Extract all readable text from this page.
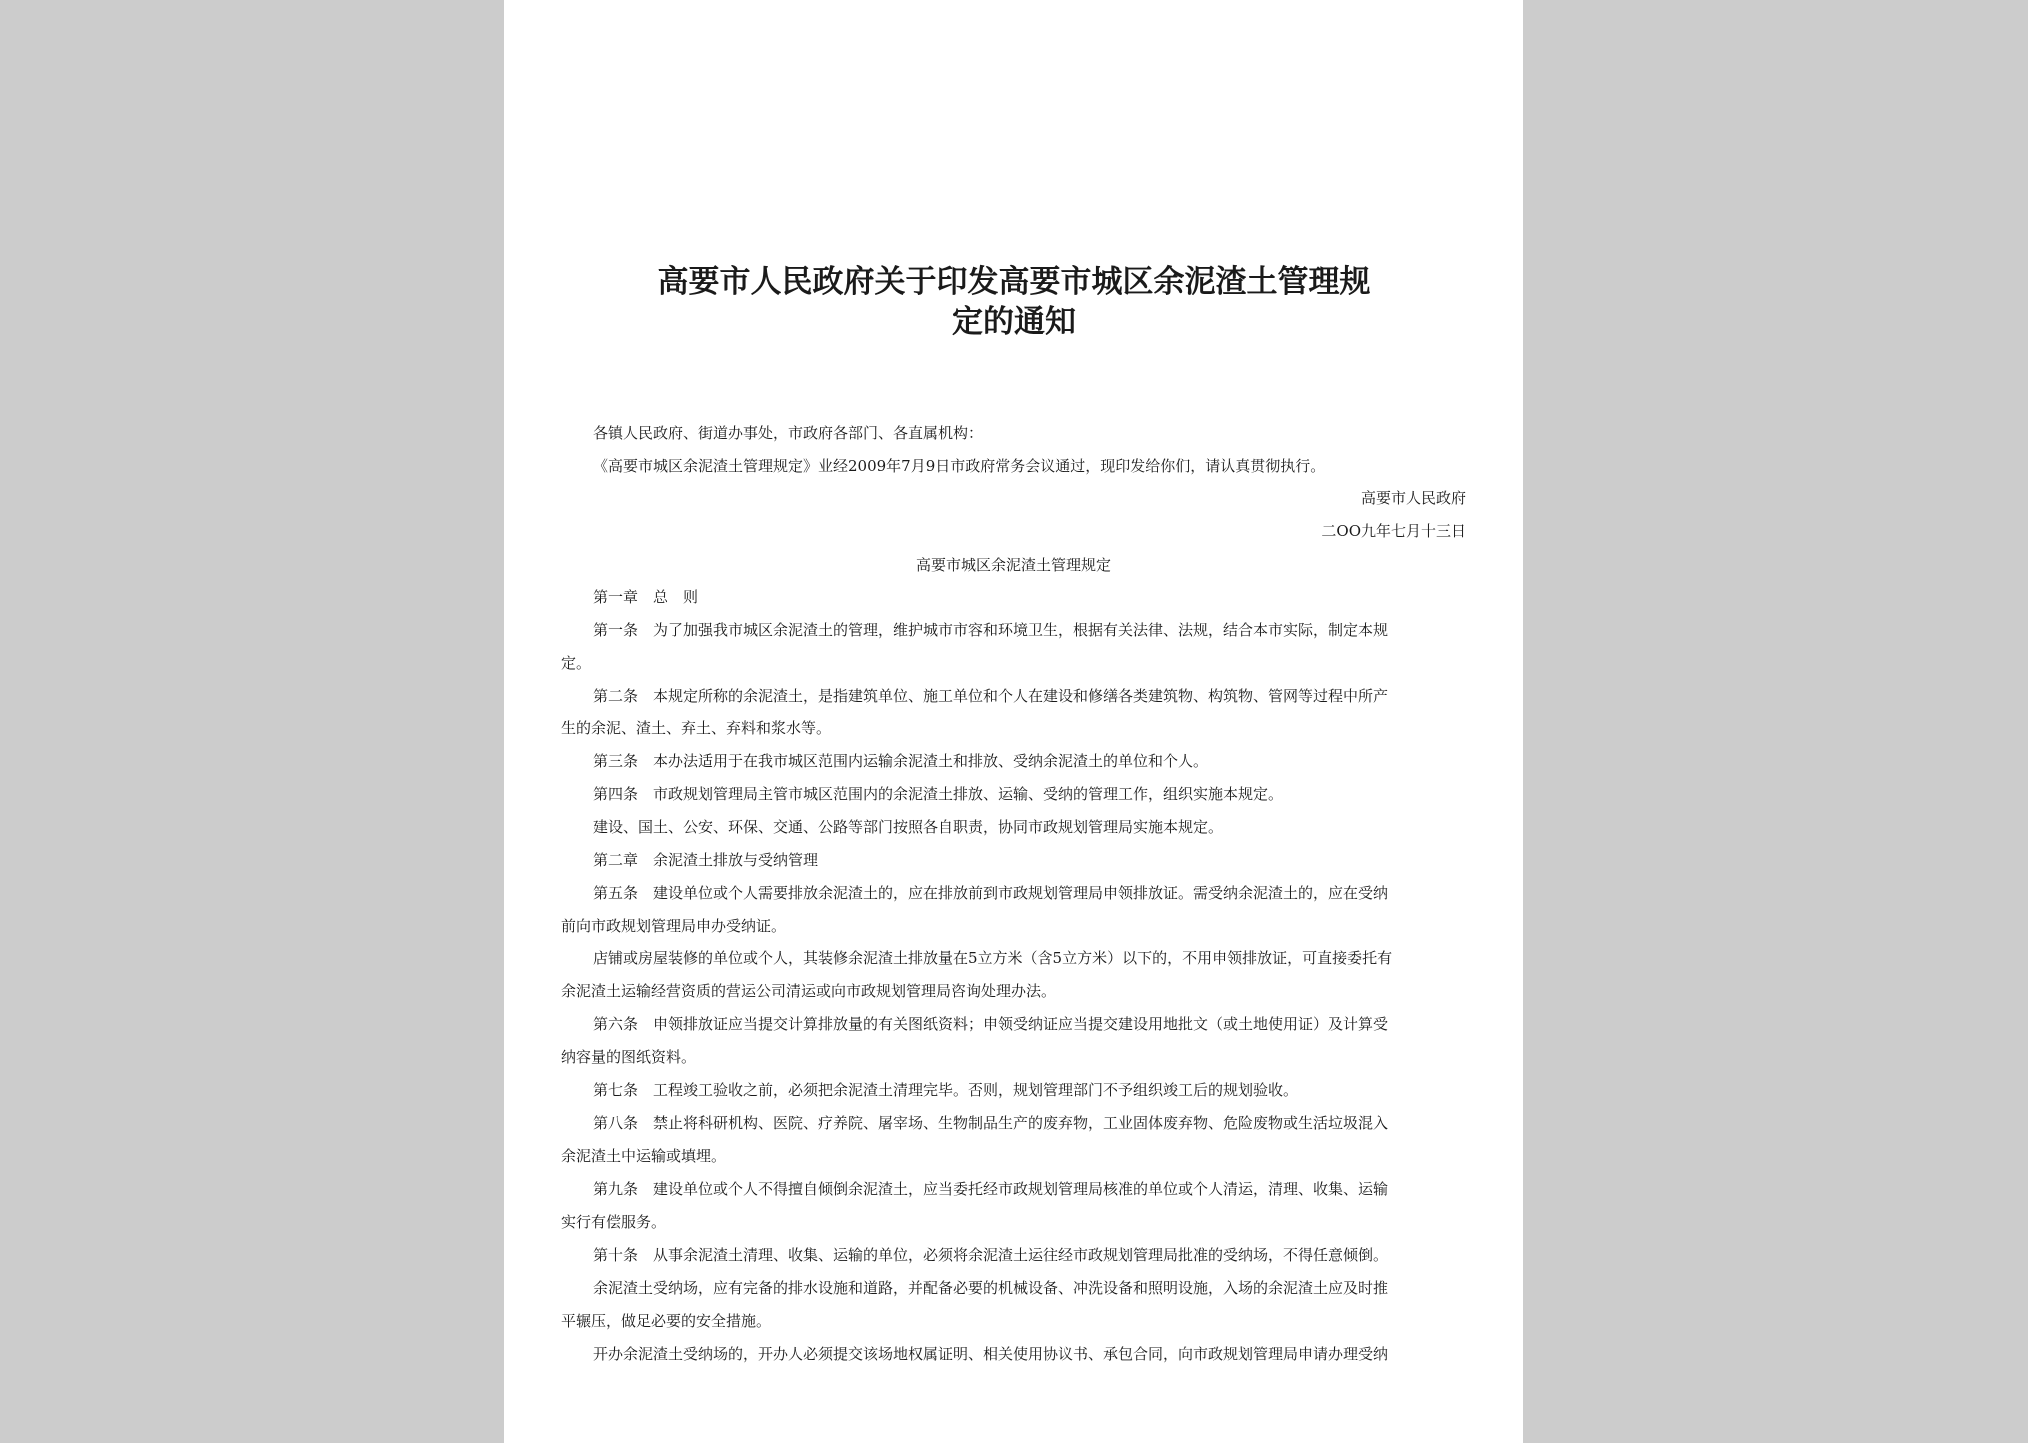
高要市人民政府关于印发高要市城区余泥渣土管理规
定的通知
各镇人民政府、街道办事处，市政府各部门、各直属机构：
《高要市城区余泥渣土管理规定》业经2009年7月9日市政府常务会议通过，现印发给你们，请认真贯彻执行。
高要市人民政府
二OO九年七月十三日
高要市城区余泥渣土管理规定
第一章　总　则
第一条　为了加强我市城区余泥渣土的管理，维护城市市容和环境卫生，根据有关法律、法规，结合本市实际，制定本规
定。
第二条　本规定所称的余泥渣土，是指建筑单位、施工单位和个人在建设和修缮各类建筑物、构筑物、管网等过程中所产
生的余泥、渣土、弃土、弃料和浆水等。
第三条　本办法适用于在我市城区范围内运输余泥渣土和排放、受纳余泥渣土的单位和个人。
第四条　市政规划管理局主管市城区范围内的余泥渣土排放、运输、受纳的管理工作，组织实施本规定。
建设、国土、公安、环保、交通、公路等部门按照各自职责，协同市政规划管理局实施本规定。
第二章　余泥渣土排放与受纳管理
第五条　建设单位或个人需要排放余泥渣土的，应在排放前到市政规划管理局申领排放证。需受纳余泥渣土的，应在受纳
前向市政规划管理局申办受纳证。
店铺或房屋装修的单位或个人，其装修余泥渣土排放量在5立方米（含5立方米）以下的，不用申领排放证，可直接委托有
余泥渣土运输经营资质的营运公司清运或向市政规划管理局咨询处理办法。
第六条　申领排放证应当提交计算排放量的有关图纸资料；申领受纳证应当提交建设用地批文（或土地使用证）及计算受
纳容量的图纸资料。
第七条　工程竣工验收之前，必须把余泥渣土清理完毕。否则，规划管理部门不予组织竣工后的规划验收。
第八条　禁止将科研机构、医院、疗养院、屠宰场、生物制品生产的废弃物，工业固体废弃物、危险废物或生活垃圾混入
余泥渣土中运输或填埋。
第九条　建设单位或个人不得擅自倾倒余泥渣土，应当委托经市政规划管理局核准的单位或个人清运，清理、收集、运输
实行有偿服务。
第十条　从事余泥渣土清理、收集、运输的单位，必须将余泥渣土运往经市政规划管理局批准的受纳场，不得任意倾倒。
余泥渣土受纳场，应有完备的排水设施和道路，并配备必要的机械设备、冲洗设备和照明设施，入场的余泥渣土应及时推
平辗压，做足必要的安全措施。
开办余泥渣土受纳场的，开办人必须提交该场地权属证明、相关使用协议书、承包合同，向市政规划管理局申请办理受纳
